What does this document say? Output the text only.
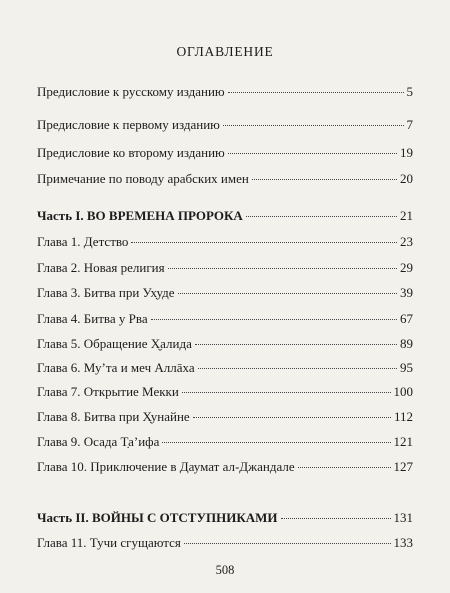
ОГЛАВЛЕНИЕ
Предисловие к русскому изданию	5
Предисловие к первому изданию	7
Предисловие ко второму изданию	19
Примечание по поводу арабских имен	20
Часть I. ВО ВРЕМЕНА ПРОРОКА	21
Глава 1. Детство	23
Глава 2. Новая религия	29
Глава 3. Битва при Ух̣уде	39
Глава 4. Битва у Рва	67
Глава 5. Обращение Х̮алида	89
Глава 6. Му’та и меч Аллāха	95
Глава 7. Открытие Мекки	100
Глава 8. Битва при Х̣унайне	112
Глава 9. Осада Т̣а’ифа	121
Глава 10. Приключение в Даумат ал-Джандале	127
Часть II. ВОЙНЫ С ОТСТУПНИКАМИ	131
Глава 11. Тучи сгущаются	133
508
